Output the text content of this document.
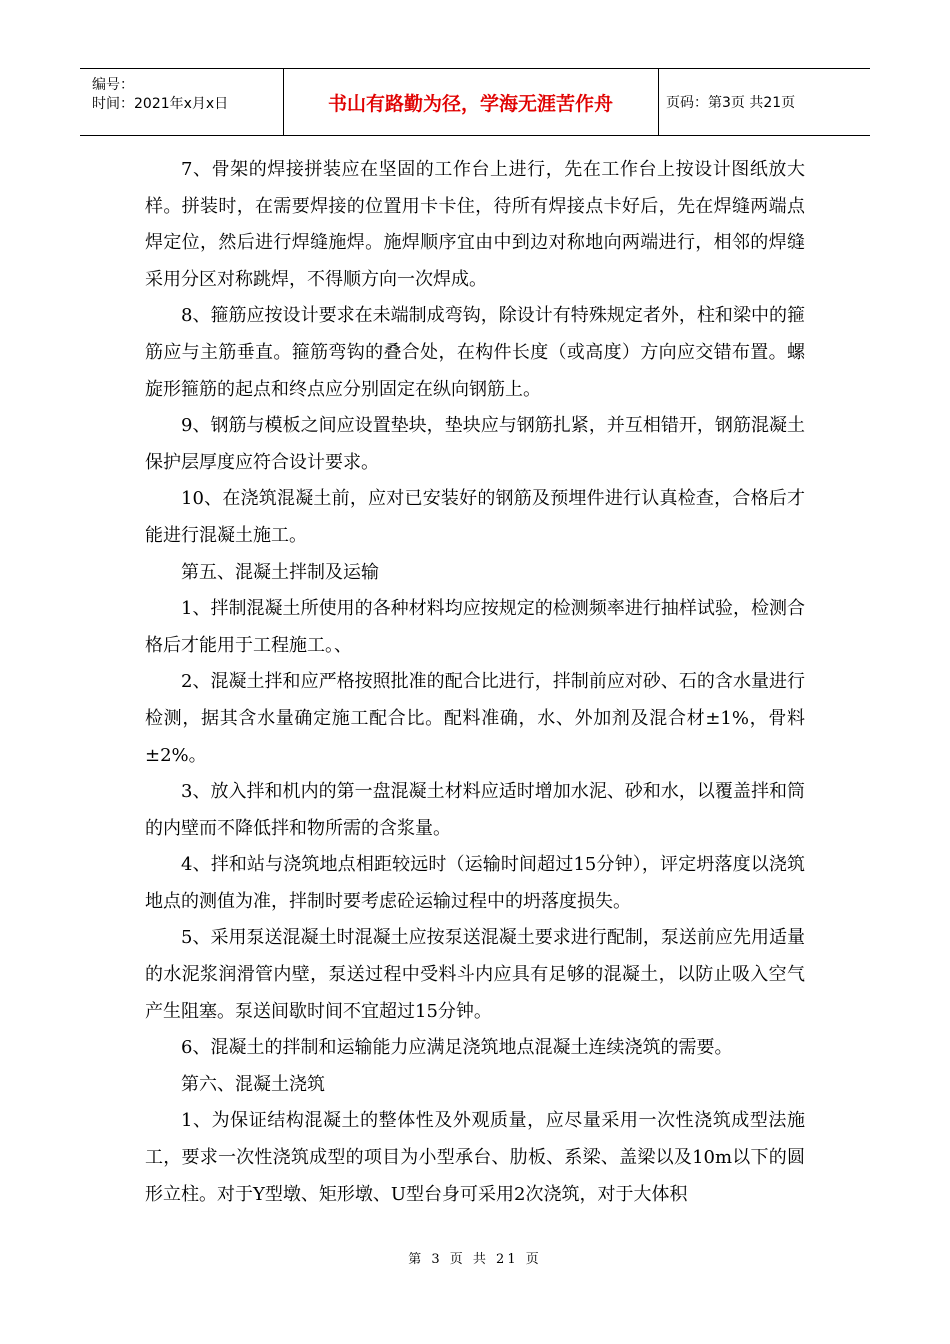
编号：
时间：2021年x月x日	书山有路勤为径，学海无涯苦作舟	页码：第3页 共21页

7、骨架的焊接拼装应在坚固的工作台上进行，先在工作台上按设计图纸放大样。拼装时，在需要焊接的位置用卡卡住，待所有焊接点卡好后，先在焊缝两端点焊定位，然后进行焊缝施焊。施焊顺序宜由中到边对称地向两端进行，相邻的焊缝采用分区对称跳焊，不得顺方向一次焊成。

8、箍筋应按设计要求在未端制成弯钩，除设计有特殊规定者外，柱和梁中的箍筋应与主筋垂直。箍筋弯钩的叠合处，在构件长度（或高度）方向应交错布置。螺旋形箍筋的起点和终点应分别固定在纵向钢筋上。

9、钢筋与模板之间应设置垫块，垫块应与钢筋扎紧，并互相错开，钢筋混凝土保护层厚度应符合设计要求。

10、在浇筑混凝土前，应对已安装好的钢筋及预埋件进行认真检查，合格后才能进行混凝土施工。

第五、混凝土拌制及运输

1、拌制混凝土所使用的各种材料均应按规定的检测频率进行抽样试验，检测合格后才能用于工程施工。、

2、混凝土拌和应严格按照批准的配合比进行，拌制前应对砂、石的含水量进行检测，据其含水量确定施工配合比。配料准确，水、外加剂及混合材±1%，骨料±2%。

3、放入拌和机内的第一盘混凝土材料应适时增加水泥、砂和水，以覆盖拌和筒的内壁而不降低拌和物所需的含浆量。

4、拌和站与浇筑地点相距较远时（运输时间超过15分钟），评定坍落度以浇筑地点的测值为准，拌制时要考虑砼运输过程中的坍落度损失。

5、采用泵送混凝土时混凝土应按泵送混凝土要求进行配制，泵送前应先用适量的水泥浆润滑管内壁，泵送过程中受料斗内应具有足够的混凝土，以防止吸入空气产生阻塞。泵送间歇时间不宜超过15分钟。

6、混凝土的拌制和运输能力应满足浇筑地点混凝土连续浇筑的需要。

第六、混凝土浇筑

1、为保证结构混凝土的整体性及外观质量，应尽量采用一次性浇筑成型法施工，要求一次性浇筑成型的项目为小型承台、肋板、系梁、盖梁以及10m以下的圆形立柱。对于Y型墩、矩形墩、U型台身可采用2次浇筑，对于大体积

第 3 页 共 21 页
